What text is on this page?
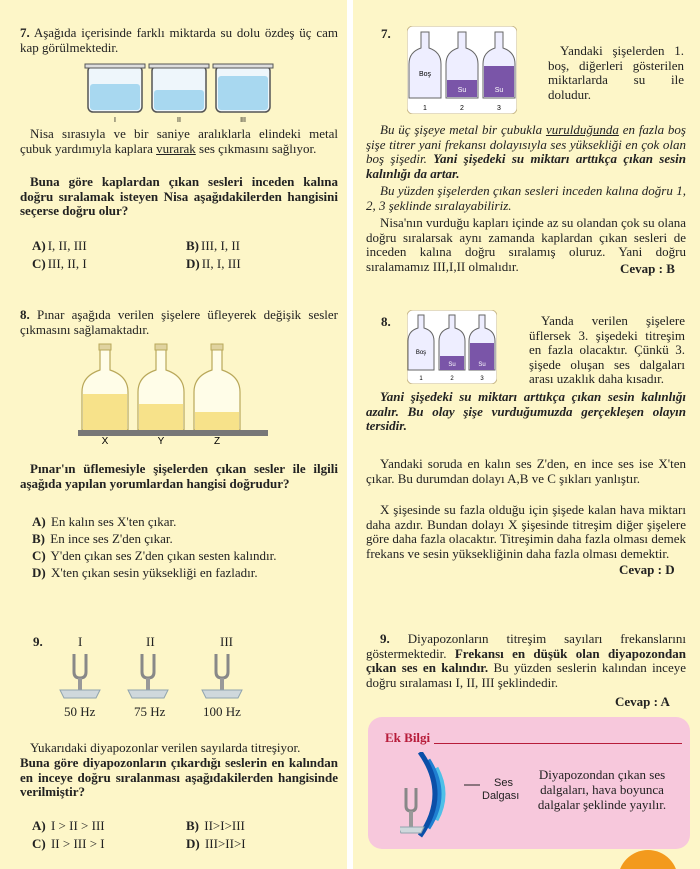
7. Aşağıda içerisinde farklı miktarda su dolu özdeş üç cam kap görülmektedir.
I	II	III
Nisa sırasıyla ve bir saniye aralıklarla elindeki metal çubuk yardımıyla kaplara vurarak ses çıkmasını sağlıyor.
Buna göre kaplardan çıkan sesleri inceden kalına doğru sıralamak isteyen Nisa aşağıdakilerden hangisini seçerse doğru olur?
A) I, II, III	B) III, I, II
C) III, II, I	D) II, I, III
8. Pınar aşağıda verilen şişelere üfleyerek değişik sesler çıkmasını sağlamaktadır.
X	Y	Z
Pınar'ın üflemesiyle şişelerden çıkan sesler ile ilgili aşağıda yapılan yorumlardan hangisi doğrudur?
A) En kalın ses X'ten çıkar.
B) En ince ses Z'den çıkar.
C) Y'den çıkan ses Z'den çıkan sesten kalındır.
D) X'ten çıkan sesin yüksekliği en fazladır.
9.	I	II	III
50 Hz	75 Hz	100 Hz
Yukarıdaki diyapozonlar verilen sayılarda titreşiyor.
Buna göre diyapozonların çıkardığı seslerin en kalından en inceye doğru sıralanması aşağıdakilerden hangisinde verilmiştir?
A) I > II > III	B) II>I>III
C) II > III > I	D) III>II>I
7.
Boş
1
Su
2
Su
3
Yandaki şişelerden 1. boş, diğerleri gösterilen miktarlarda su ile doludur.
Bu üç şişeye metal bir çubukla vurulduğunda en fazla boş şişe titrer yani frekansı dolayısıyla ses yüksekliği en çok olan boş şişedir. Yani şişedeki su miktarı arttıkça çıkan sesin kalınlığı da artar.
Bu yüzden şişelerden çıkan sesleri inceden kalına doğru 1, 2, 3 şeklinde sıralayabiliriz.
Nisa'nın vurduğu kapları içinde az su olandan çok su olana doğru sıralarsak aynı zamanda kaplardan çıkan sesleri de inceden kalına doğru sıralamış oluruz. Yani doğru sıralamamız III,I,II olmalıdır.	Cevap : B
8.
Boş
1
Su
2
Su
3
Yanda verilen şişelere üflersek 3. şişedeki titreşim en fazla olacaktır. Çünkü 3. şişede oluşan ses dalgaları arası uzaklık daha kısadır.
Yani şişedeki su miktarı arttıkça çıkan sesin kalınlığı azalır. Bu olay şişe vurduğumuzda gerçekleşen olayın tersidir.
Yandaki soruda en kalın ses Z'den, en ince ses ise X'ten çıkar. Bu durumdan dolayı A,B ve C şıkları yanlıştır.
X şişesinde su fazla olduğu için şişede kalan hava miktarı daha azdır. Bundan dolayı X şişesinde titreşim diğer şişelere göre daha fazla olacaktır. Titreşimin daha fazla olması demek frekans ve sesin yüksekliğinin daha fazla olması demektir.
Cevap : D
9. Diyapozonların titreşim sayıları frekanslarını göstermektedir. Frekansı en düşük olan diyapozondan çıkan ses en kalındır. Bu yüzden seslerin kalından inceye doğru sıralaması I, II, III şeklindedir.
Cevap : A
Ek Bilgi
Ses
Dalgası
Diyapozondan çıkan ses dalgaları, hava boyunca dalgalar şeklinde yayılır.
